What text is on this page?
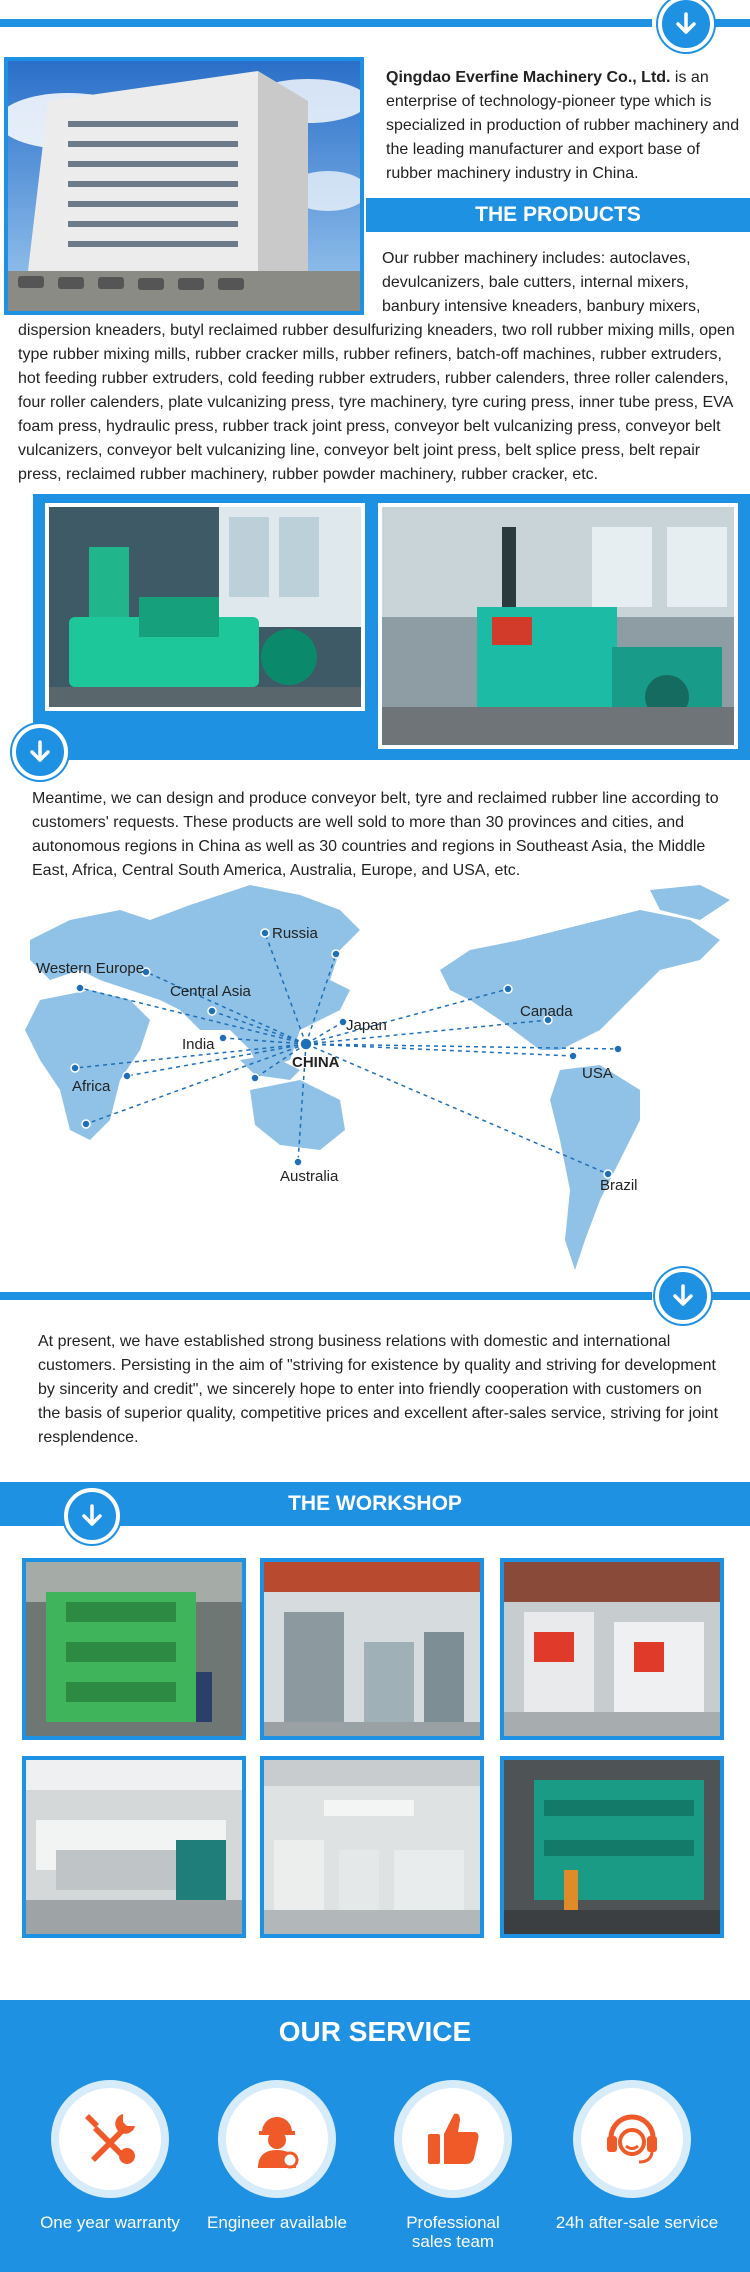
Qingdao Everfine Machinery Co., Ltd. is an enterprise of technology-pioneer type which is specialized in production of rubber machinery and the leading manufacturer and export base of rubber machinery industry in China.

THE PRODUCTS

Our rubber machinery includes: autoclaves, devulcanizers, bale cutters, internal mixers, banbury intensive kneaders, banbury mixers,

dispersion kneaders, butyl reclaimed rubber desulfurizing kneaders, two roll rubber mixing mills, open type rubber mixing mills, rubber cracker mills, rubber refiners, batch-off machines, rubber extruders, hot feeding rubber extruders, cold feeding rubber extruders, rubber calenders, three roller calenders, four roller calenders, plate vulcanizing press, tyre machinery, tyre curing press, inner tube press, EVA foam press, hydraulic press, rubber track joint press, conveyor belt vulcanizing press, conveyor belt vulcanizers, conveyor belt vulcanizing line, conveyor belt joint press, belt splice press, belt repair press, reclaimed rubber machinery, rubber powder machinery, rubber cracker, etc.

Meantime, we can design and produce conveyor belt, tyre and reclaimed rubber line according to customers' requests. These products are well sold to more than 30 provinces and cities, and autonomous regions in China as well as 30 countries and regions in Southeast Asia, the Middle East, Africa, Central South America, Australia, Europe, and USA, etc.

Russia
Western Europe
Central Asia
India
Japan
CHINA
Africa
Australia
Canada
USA
Brazil

At present, we have established strong business relations with domestic and international customers. Persisting in the aim of "striving for existence by quality and striving for development by sincerity and credit", we sincerely hope to enter into friendly cooperation with customers on the basis of superior quality, competitive prices and excellent after-sales service, striving for joint resplendence.

THE WORKSHOP
OUR SERVICE
One year warranty	Engineer available	Professional
sales team
24h after-sale service
